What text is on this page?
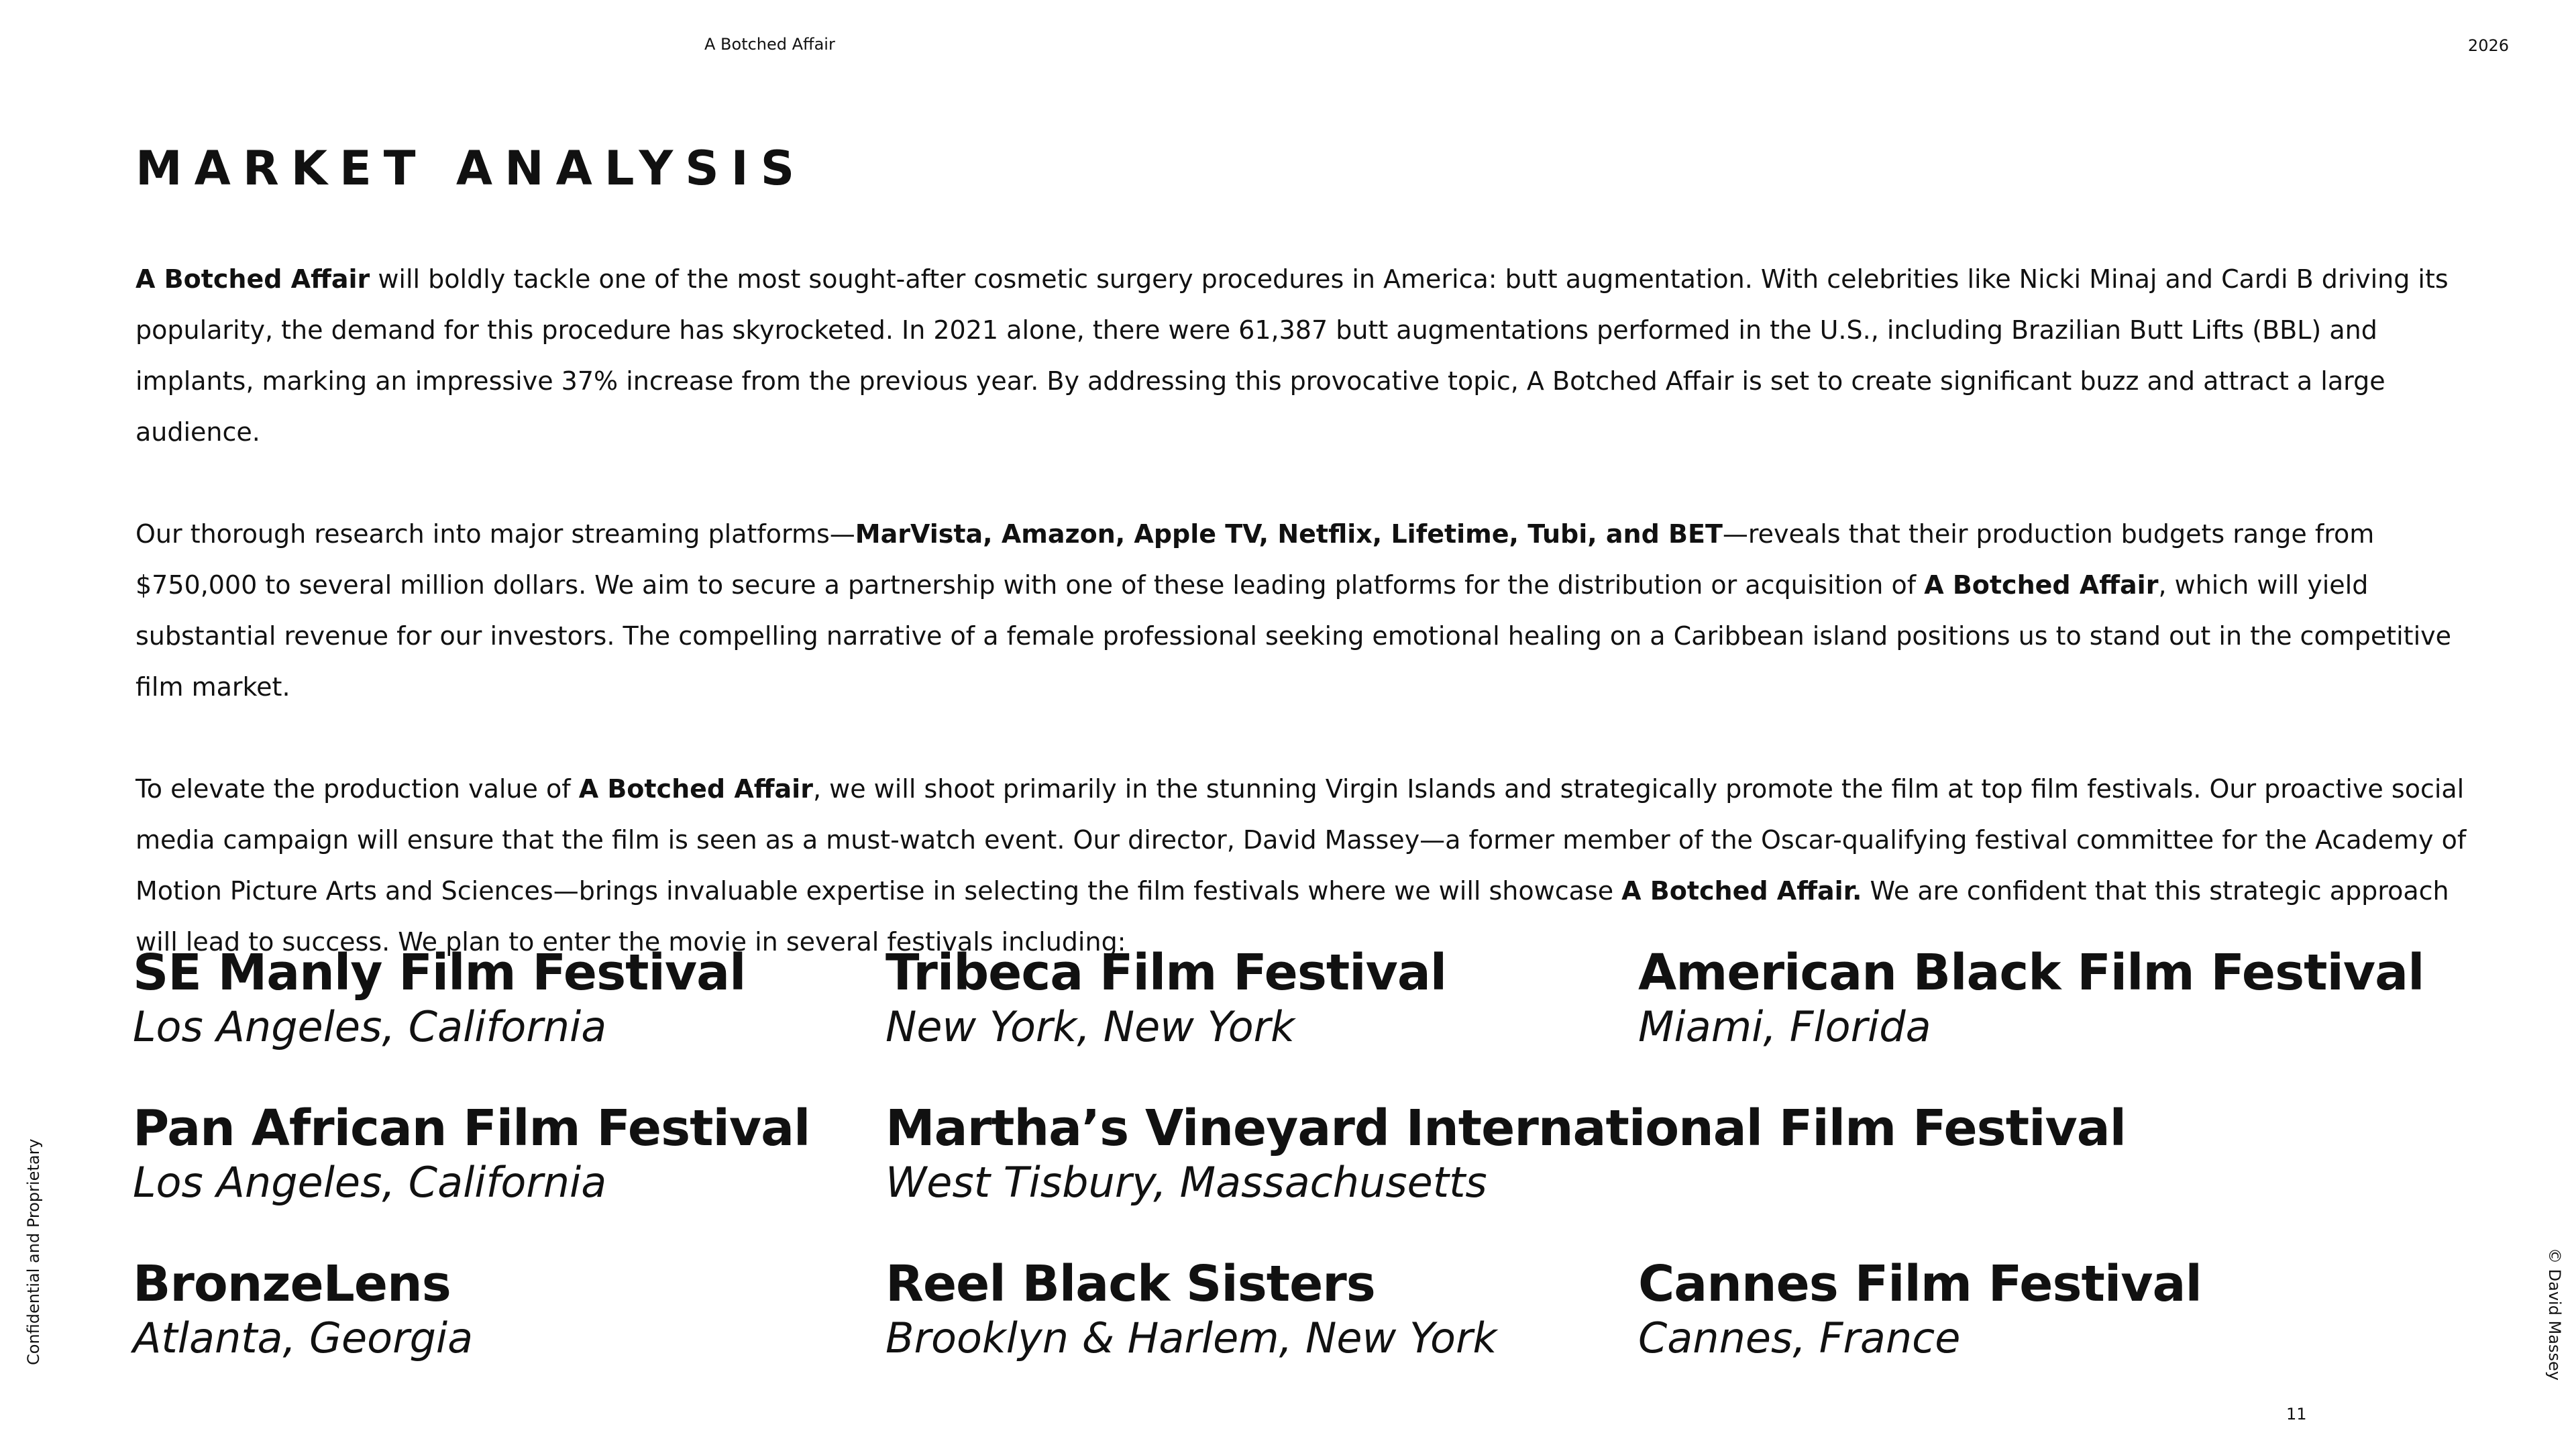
A Botched Affair	2026
MARKET ANALYSIS

A Botched Affair will boldly tackle one of the most sought-after cosmetic surgery procedures in America: butt augmentation. With celebrities like Nicki Minaj and Cardi B driving its popularity, the demand for this procedure has skyrocketed. In 2021 alone, there were 61,387 butt augmentations performed in the U.S., including Brazilian Butt Lifts (BBL) and implants, marking an impressive 37% increase from the previous year. By addressing this provocative topic, A Botched Affair is set to create significant buzz and attract a large audience.

Our thorough research into major streaming platforms—MarVista, Amazon, Apple TV, Netflix, Lifetime, Tubi, and BET—reveals that their production budgets range from $750,000 to several million dollars. We aim to secure a partnership with one of these leading platforms for the distribution or acquisition of A Botched Affair, which will yield substantial revenue for our investors. The compelling narrative of a female professional seeking emotional healing on a Caribbean island positions us to stand out in the competitive film market.

To elevate the production value of A Botched Affair, we will shoot primarily in the stunning Virgin Islands and strategically promote the film at top film festivals. Our proactive social media campaign will ensure that the film is seen as a must-watch event. Our director, David Massey—a former member of the Oscar-qualifying festival committee for the Academy of Motion Picture Arts and Sciences—brings invaluable expertise in selecting the film festivals where we will showcase A Botched Affair. We are confident that this strategic approach will lead to success. We plan to enter the movie in several festivals including:

SE Manly Film Festival
Los Angeles, California
Tribeca Film Festival
New York, New York
American Black Film Festival
Miami, Florida
Pan African Film Festival
Los Angeles, California
Martha’s Vineyard International Film Festival
West Tisbury, Massachusetts
BronzeLens
Atlanta, Georgia
Reel Black Sisters
Brooklyn & Harlem, New York
Cannes Film Festival
Cannes, France
Confidential and Proprietary	© David Massey
11
